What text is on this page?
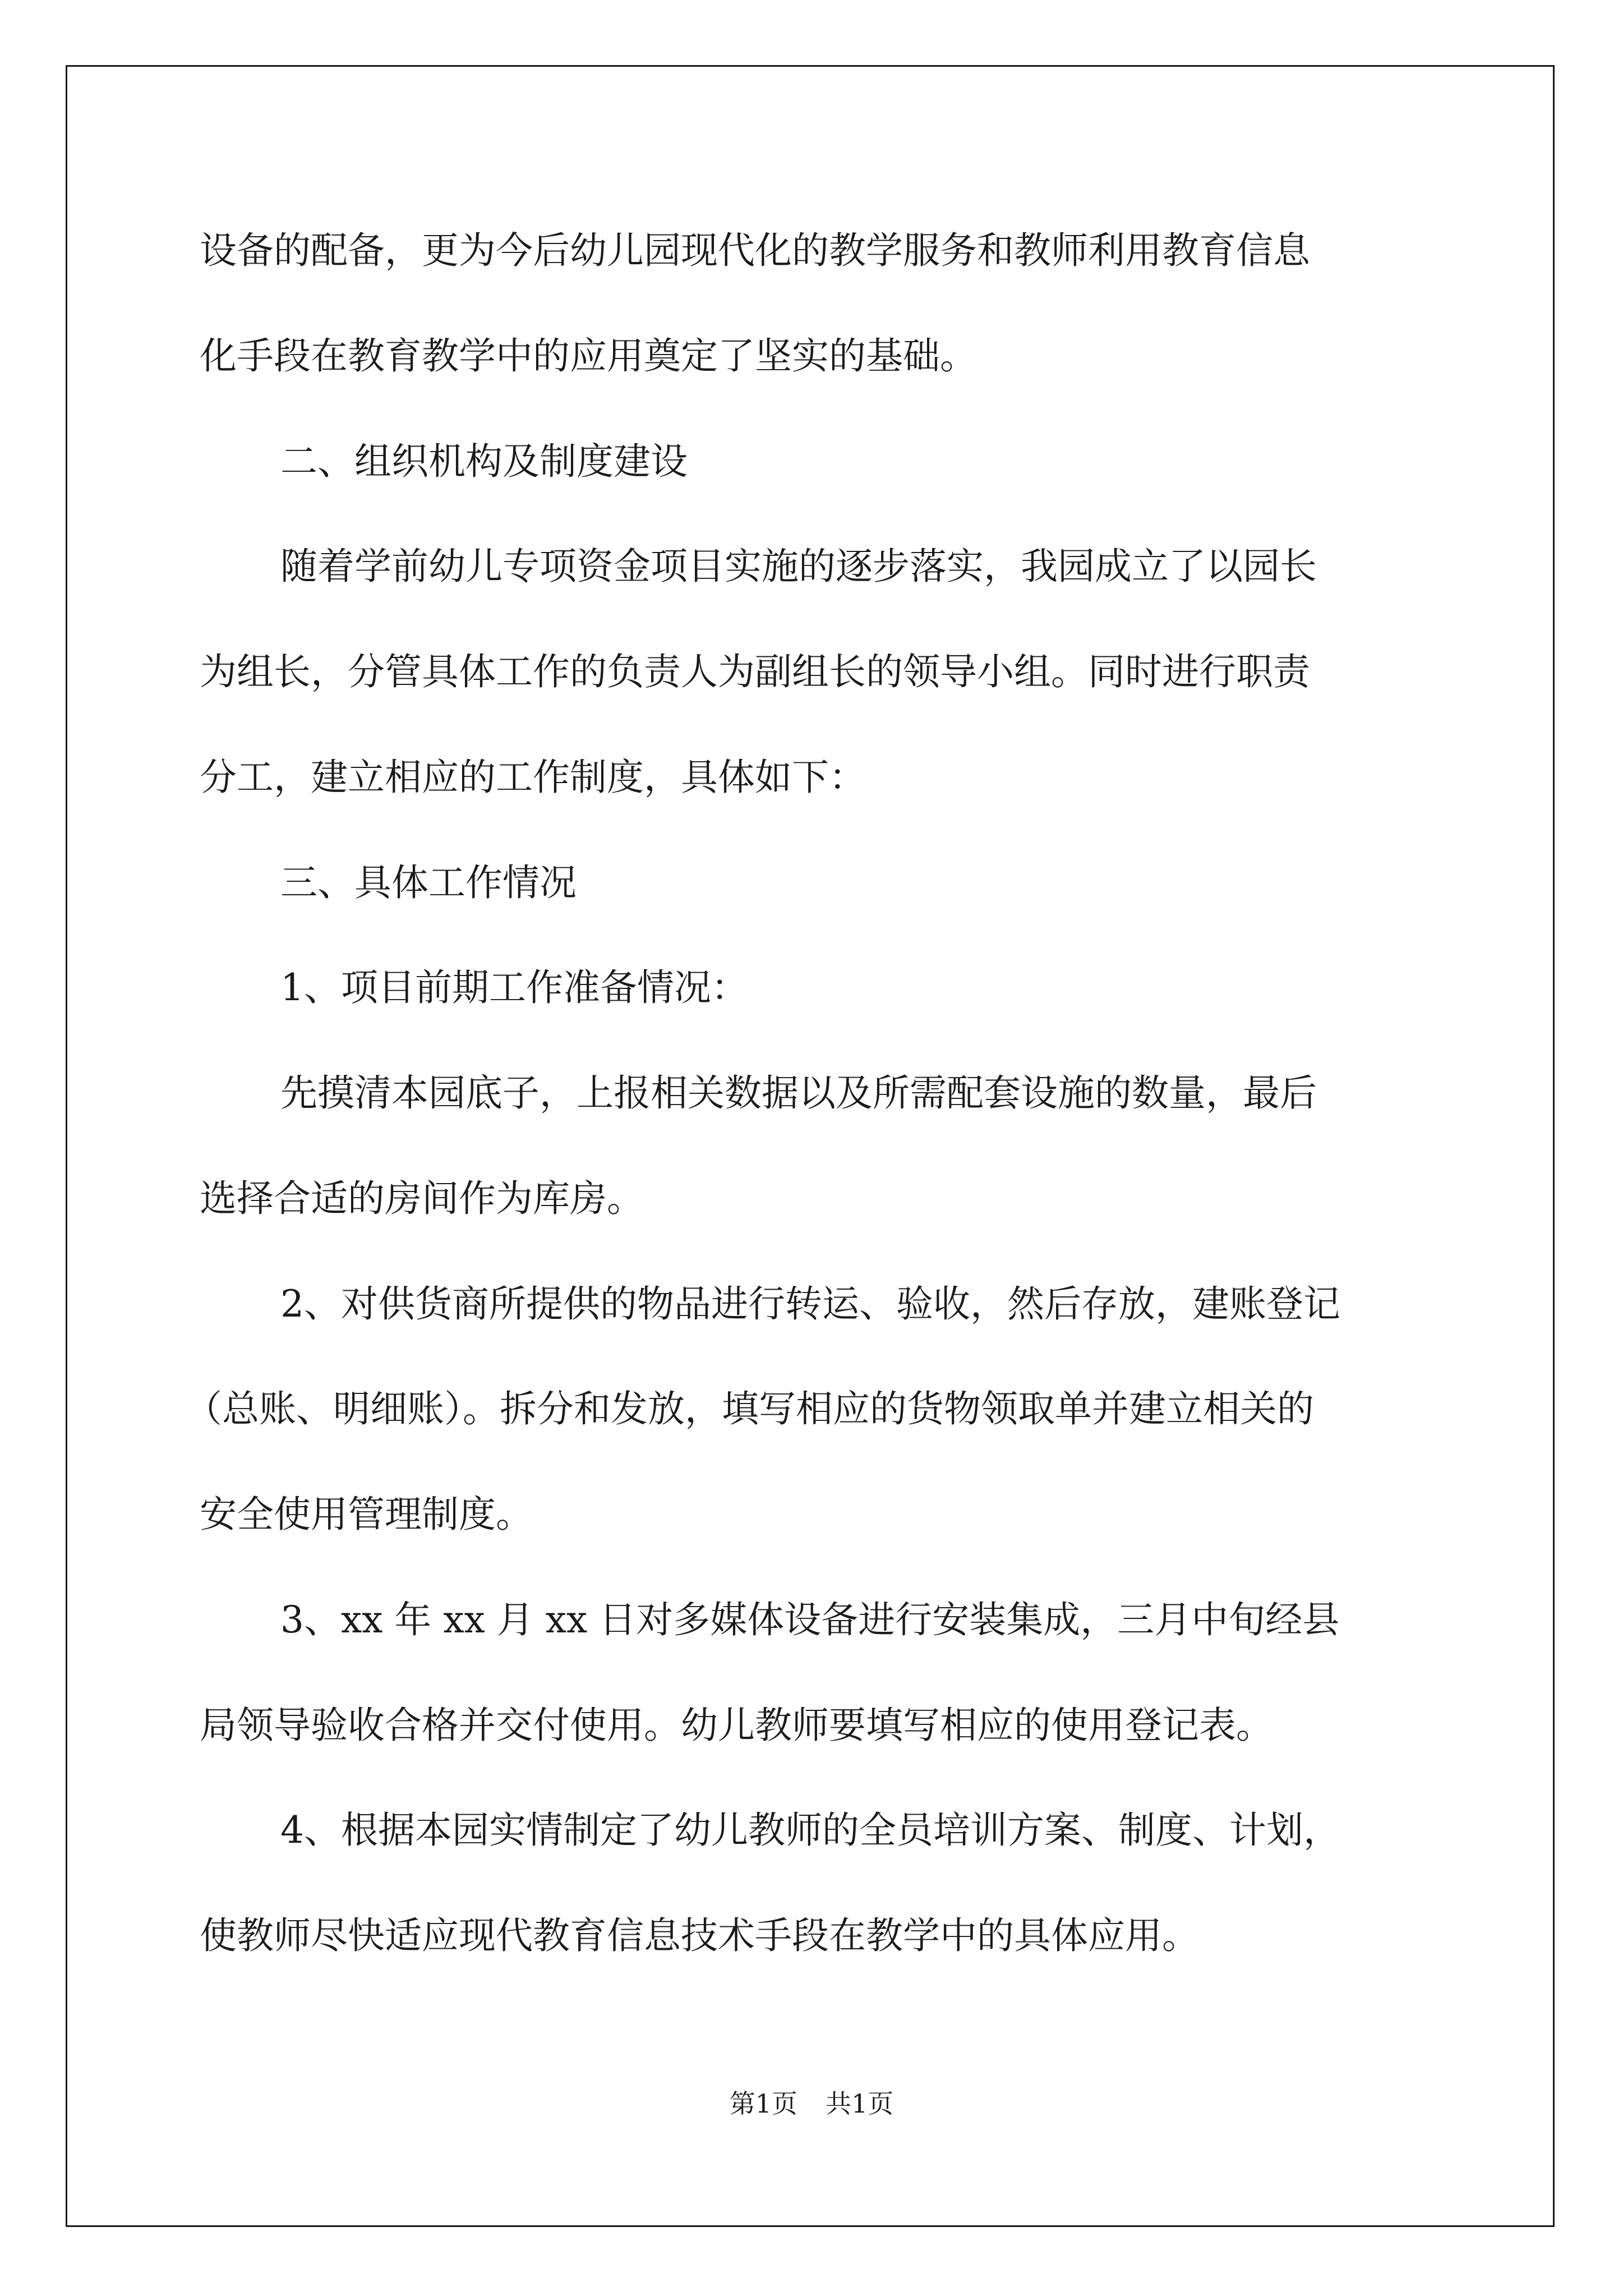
设备的配备，更为今后幼儿园现代化的教学服务和教师利用教育信息

化手段在教育教学中的应用奠定了坚实的基础。

二、组织机构及制度建设

随着学前幼儿专项资金项目实施的逐步落实，我园成立了以园长

为组长，分管具体工作的负责人为副组长的领导小组。同时进行职责

分工，建立相应的工作制度，具体如下：

三、具体工作情况

1、项目前期工作准备情况：

先摸清本园底子，上报相关数据以及所需配套设施的数量，最后

选择合适的房间作为库房。

2、对供货商所提供的物品进行转运、验收，然后存放，建账登记

（总账、明细账）。拆分和发放，填写相应的货物领取单并建立相关的

安全使用管理制度。

3、xx 年 xx 月 xx 日对多媒体设备进行安装集成，三月中旬经县

局领导验收合格并交付使用。幼儿教师要填写相应的使用登记表。

4、根据本园实情制定了幼儿教师的全员培训方案、制度、计划，

使教师尽快适应现代教育信息技术手段在教学中的具体应用。

第1页 共1页
